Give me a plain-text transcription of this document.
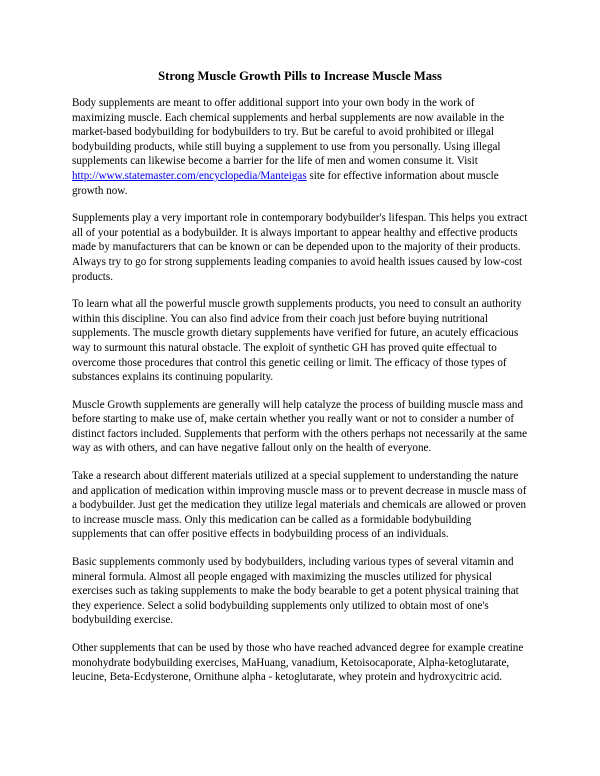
Strong Muscle Growth Pills to Increase Muscle Mass

Body supplements are meant to offer additional support into your own body in the work of maximizing muscle. Each chemical supplements and herbal supplements are now available in the market-based bodybuilding for bodybuilders to try. But be careful to avoid prohibited or illegal bodybuilding products, while still buying a supplement to use from you personally. Using illegal supplements can likewise become a barrier for the life of men and women consume it. Visit http://www.statemaster.com/encyclopedia/Manteigas site for effective information about muscle growth now.

Supplements play a very important role in contemporary bodybuilder's lifespan. This helps you extract all of your potential as a bodybuilder. It is always important to appear healthy and effective products made by manufacturers that can be known or can be depended upon to the majority of their products. Always try to go for strong supplements leading companies to avoid health issues caused by low-cost products.

To learn what all the powerful muscle growth supplements products, you need to consult an authority within this discipline. You can also find advice from their coach just before buying nutritional supplements. The muscle growth dietary supplements have verified for future, an acutely efficacious way to surmount this natural obstacle. The exploit of synthetic GH has proved quite effectual to overcome those procedures that control this genetic ceiling or limit. The efficacy of those types of substances explains its continuing popularity.

Muscle Growth supplements are generally will help catalyze the process of building muscle mass and before starting to make use of, make certain whether you really want or not to consider a number of distinct factors included. Supplements that perform with the others perhaps not necessarily at the same way as with others, and can have negative fallout only on the health of everyone.

Take a research about different materials utilized at a special supplement to understanding the nature and application of medication within improving muscle mass or to prevent decrease in muscle mass of a bodybuilder. Just get the medication they utilize legal materials and chemicals are allowed or proven to increase muscle mass. Only this medication can be called as a formidable bodybuilding supplements that can offer positive effects in bodybuilding process of an individuals.

Basic supplements commonly used by bodybuilders, including various types of several vitamin and mineral formula. Almost all people engaged with maximizing the muscles utilized for physical exercises such as taking supplements to make the body bearable to get a potent physical training that they experience. Select a solid bodybuilding supplements only utilized to obtain most of one's bodybuilding exercise.

Other supplements that can be used by those who have reached advanced degree for example creatine monohydrate bodybuilding exercises, MaHuang, vanadium, Ketoisocaporate, Alpha-ketoglutarate, leucine, Beta-Ecdysterone, Ornithune alpha - ketoglutarate, whey protein and hydroxycitric acid.
